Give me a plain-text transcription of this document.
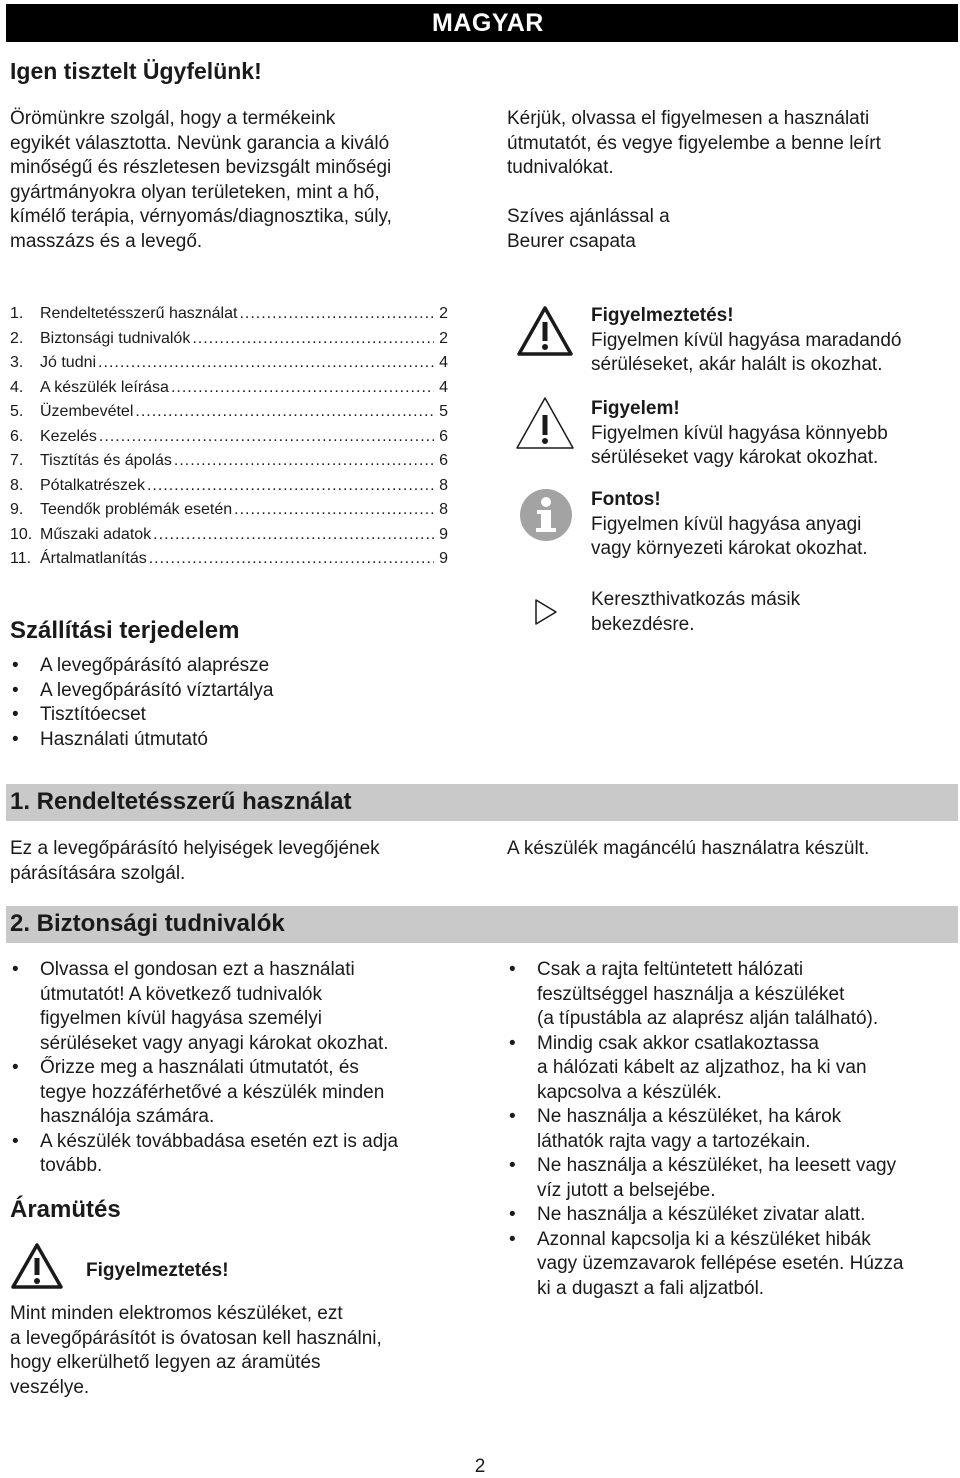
MAGYAR
Igen tisztelt Ügyfelünk!
Örömünkre szolgál, hogy a termékeink
egyikét választotta. Nevünk garancia a kiváló
minőségű és részletesen bevizsgált minőségi
gyártmányokra olyan területeken, mint a hő,
kímélő terápia, vérnyomás/diagnosztika, súly,
masszázs és a levegő.
Kérjük, olvassa el figyelmesen a használati
útmutatót, és vegye figyelembe a benne leírt
tudnivalókat.
Szíves ajánlással a
Beurer csapata
1.	Rendeltetésszerű használat .....	2
2.	Biztonsági tudnivalók .....	2
3.	Jó tudni .....	4
4.	A készülék leírása .....	4
5.	Üzembevétel .....	5
6.	Kezelés .....	6
7.	Tisztítás és ápolás .....	6
8.	Pótalkatrészek .....	8
9.	Teendők problémák esetén .....	8
10. Műszaki adatok .....	9
11. Ártalmatlanítás .....	9
Figyelmeztetés!
Figyelmen kívül hagyása maradandó
sérüléseket, akár halált is okozhat.
Figyelem!
Figyelmen kívül hagyása könnyebb
sérüléseket vagy károkat okozhat.
Fontos!
Figyelmen kívül hagyása anyagi
vagy környezeti károkat okozhat.
Kereszthivatkozás másik
bekezdésre.
Szállítási terjedelem
• A levegőpárásító alaprésze
• A levegőpárásító víztartálya
• Tisztítóecset
• Használati útmutató
1. Rendeltetésszerű használat
Ez a levegőpárásító helyiségek levegőjének
párásítására szolgál.
A készülék magáncélú használatra készült.
2. Biztonsági tudnivalók
• Olvassa el gondosan ezt a használati
útmutatót! A következő tudnivalók
figyelmen kívül hagyása személyi
sérüléseket vagy anyagi károkat okozhat.
• Őrizze meg a használati útmutatót, és
tegye hozzáférhetővé a készülék minden
használója számára.
• A készülék továbbadása esetén ezt is adja
tovább.
Áramütés
Figyelmeztetés!
Mint minden elektromos készüléket, ezt
a levegőpárásítót is óvatosan kell használni,
hogy elkerülhető legyen az áramütés
veszélye.
• Csak a rajta feltüntetett hálózati
feszültséggel használja a készüléket
(a típustábla az alaprész alján található).
• Mindig csak akkor csatlakoztassa
a hálózati kábelt az aljzathoz, ha ki van
kapcsolva a készülék.
• Ne használja a készüléket, ha károk
láthatók rajta vagy a tartozékain.
• Ne használja a készüléket, ha leesett vagy
víz jutott a belsejébe.
• Ne használja a készüléket zivatar alatt.
• Azonnal kapcsolja ki a készüléket hibák
vagy üzemzavarok fellépése esetén. Húzza
ki a dugaszt a fali aljzatból.
2
